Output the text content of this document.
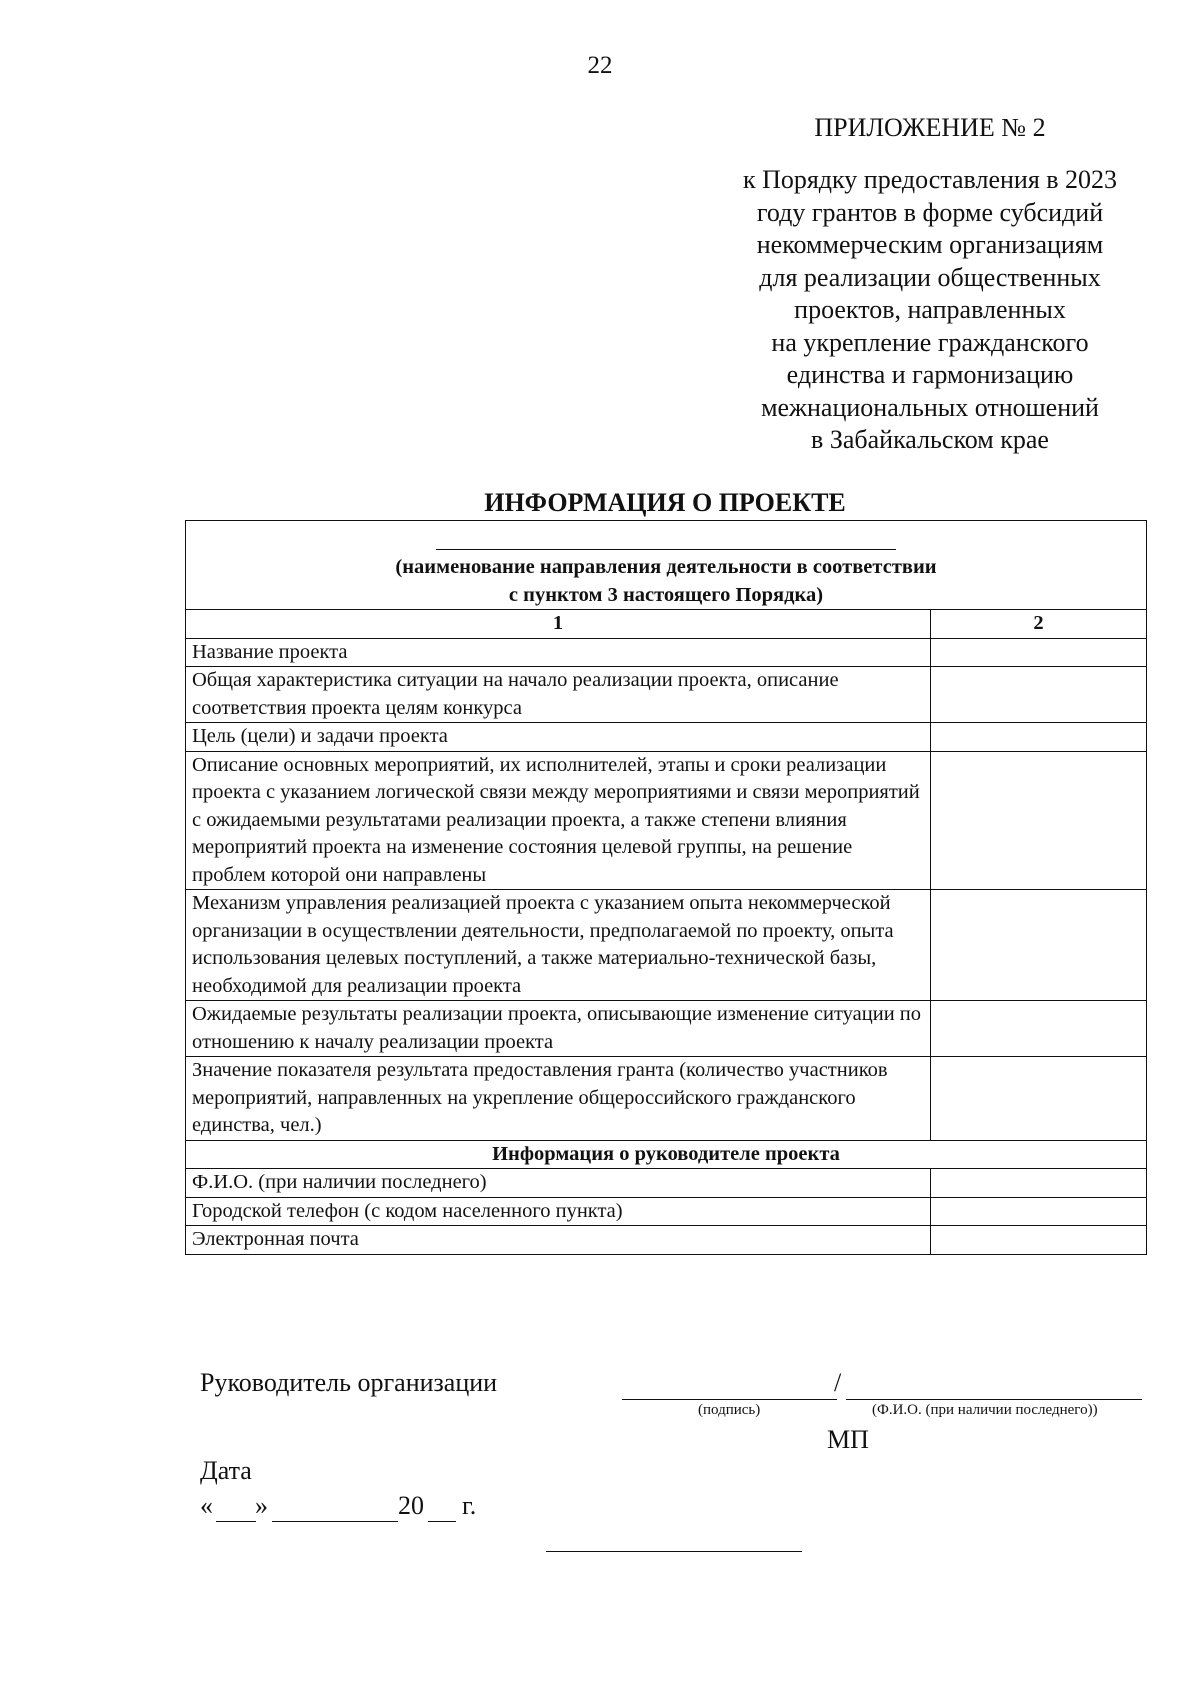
22
ПРИЛОЖЕНИЕ № 2
к Порядку предоставления в 2023
году грантов в форме субсидий
некоммерческим организациям
для реализации общественных
проектов, направленных
на укрепление гражданского
единства и гармонизацию
межнациональных отношений
в Забайкальском крае
ИНФОРМАЦИЯ О ПРОЕКТЕ
(наименование направления деятельности в соответствии
с пунктом 3 настоящего Порядка)	

1	2
Название проекта	
Общая характеристика ситуации на начало реализации проекта, описание соответствия проекта целям конкурса	
Цель (цели) и задачи проекта	
Описание основных мероприятий, их исполнителей, этапы и сроки реализации проекта с указанием логической связи между мероприятиями и связи мероприятий с ожидаемыми результатами реализации проекта, а также степени влияния мероприятий проекта на изменение состояния целевой группы, на решение проблем которой они направлены	
Механизм управления реализацией проекта с указанием опыта некоммерческой организации в осуществлении деятельности, предполагаемой по проекту, опыта использования целевых поступлений, а также материально-технической базы, необходимой для реализации проекта	
Ожидаемые результаты реализации проекта, описывающие изменение ситуации по отношению к началу реализации проекта	
Значение показателя результата предоставления гранта (количество участников мероприятий, направленных на укрепление общероссийского гражданского единства, чел.)	
Информация о руководителе проекта	
Ф.И.О. (при наличии последнего)	
Городской телефон (с кодом населенного пункта)	
Электронная почта	
Руководитель организации	/
(подпись)	(Ф.И.О. (при наличии последнего))
МП
Дата
« »	20 г.
